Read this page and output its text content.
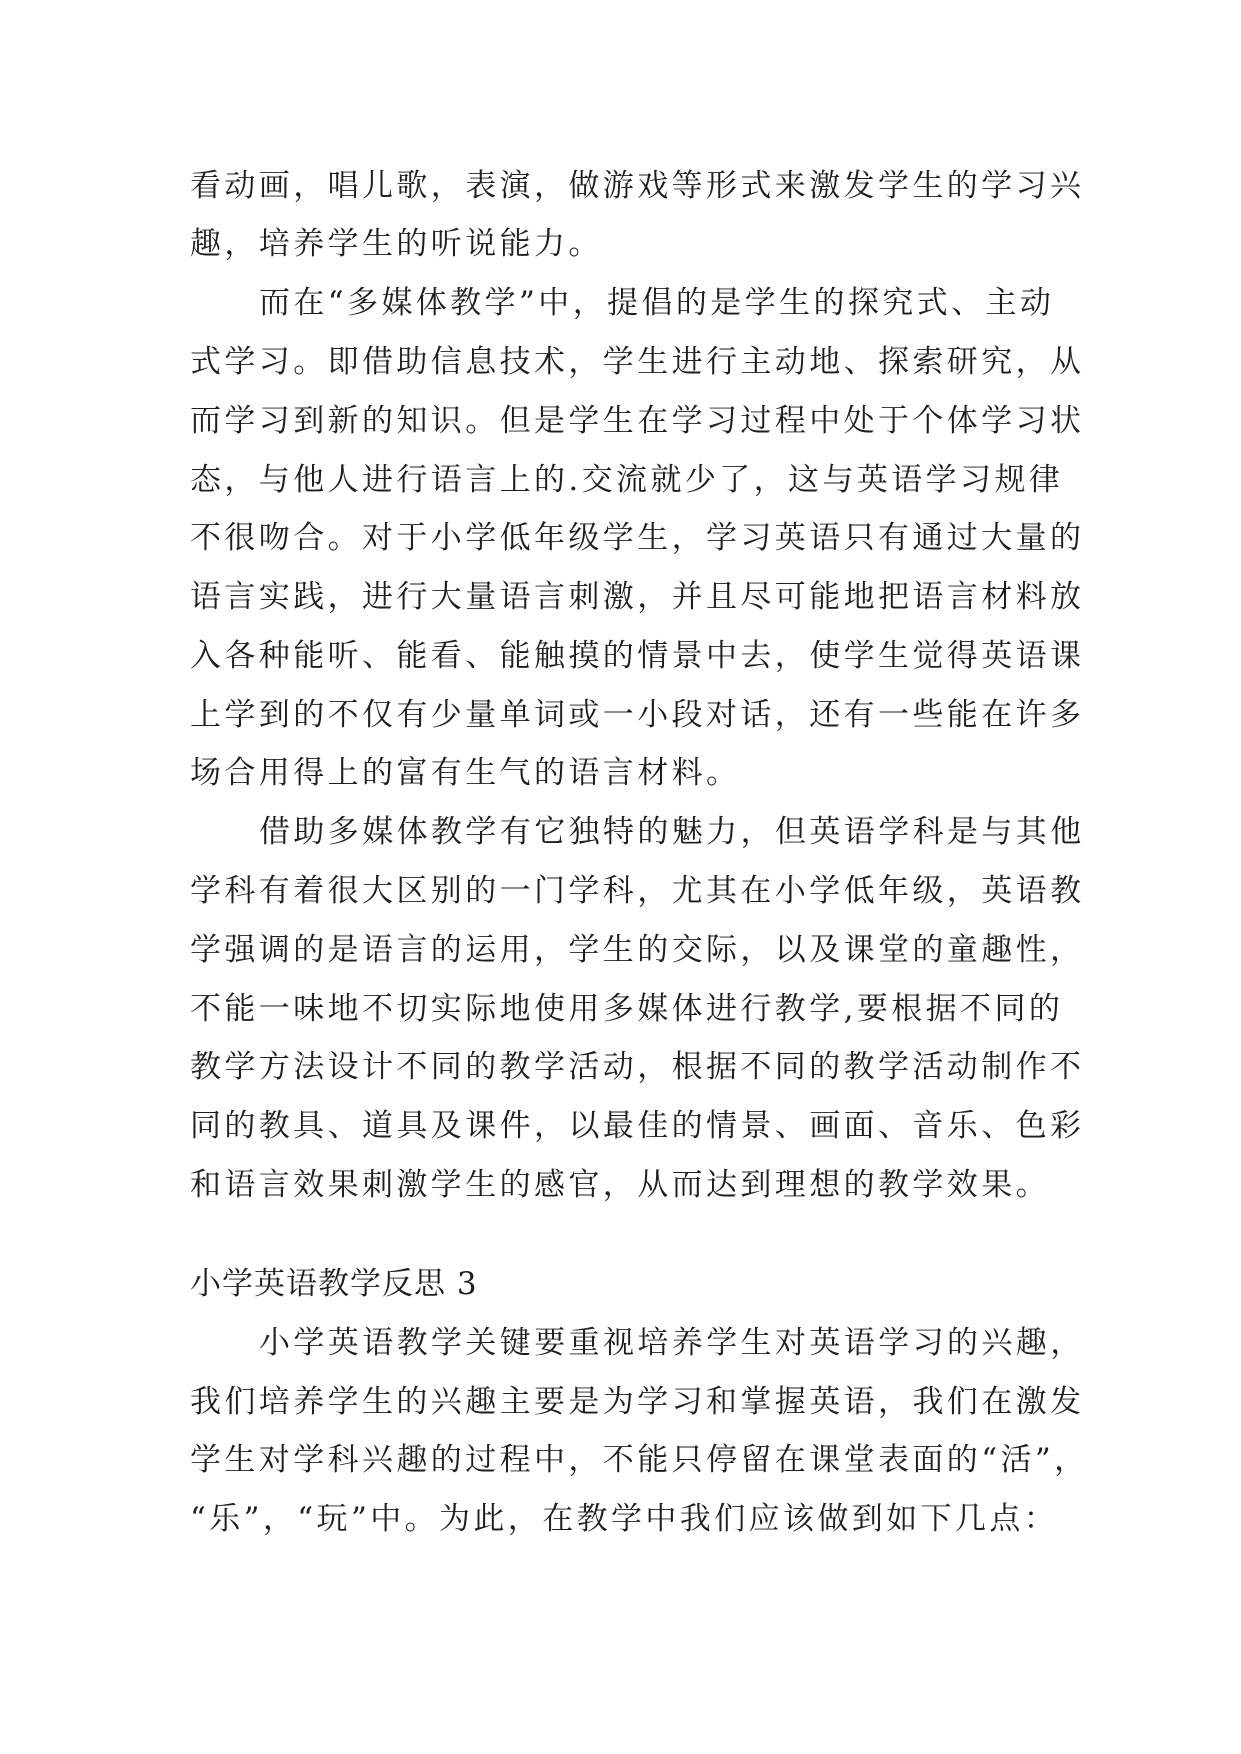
看动画，唱儿歌，表演，做游戏等形式来激发学生的学习兴
趣，培养学生的听说能力。
而在“多媒体教学”中，提倡的是学生的探究式、主动
式学习。即借助信息技术，学生进行主动地、探索研究，从
而学习到新的知识。但是学生在学习过程中处于个体学习状
态，与他人进行语言上的.交流就少了，这与英语学习规律
不很吻合。对于小学低年级学生，学习英语只有通过大量的
语言实践，进行大量语言刺激，并且尽可能地把语言材料放
入各种能听、能看、能触摸的情景中去，使学生觉得英语课
上学到的不仅有少量单词或一小段对话，还有一些能在许多
场合用得上的富有生气的语言材料。
借助多媒体教学有它独特的魅力，但英语学科是与其他
学科有着很大区别的一门学科，尤其在小学低年级，英语教
学强调的是语言的运用，学生的交际，以及课堂的童趣性，
不能一味地不切实际地使用多媒体进行教学,要根据不同的
教学方法设计不同的教学活动，根据不同的教学活动制作不
同的教具、道具及课件，以最佳的情景、画面、音乐、色彩
和语言效果刺激学生的感官，从而达到理想的教学效果。
小学英语教学反思 3
小学英语教学关键要重视培养学生对英语学习的兴趣，
我们培养学生的兴趣主要是为学习和掌握英语，我们在激发
学生对学科兴趣的过程中，不能只停留在课堂表面的“活”，
“乐”，“玩”中。为此，在教学中我们应该做到如下几点：
